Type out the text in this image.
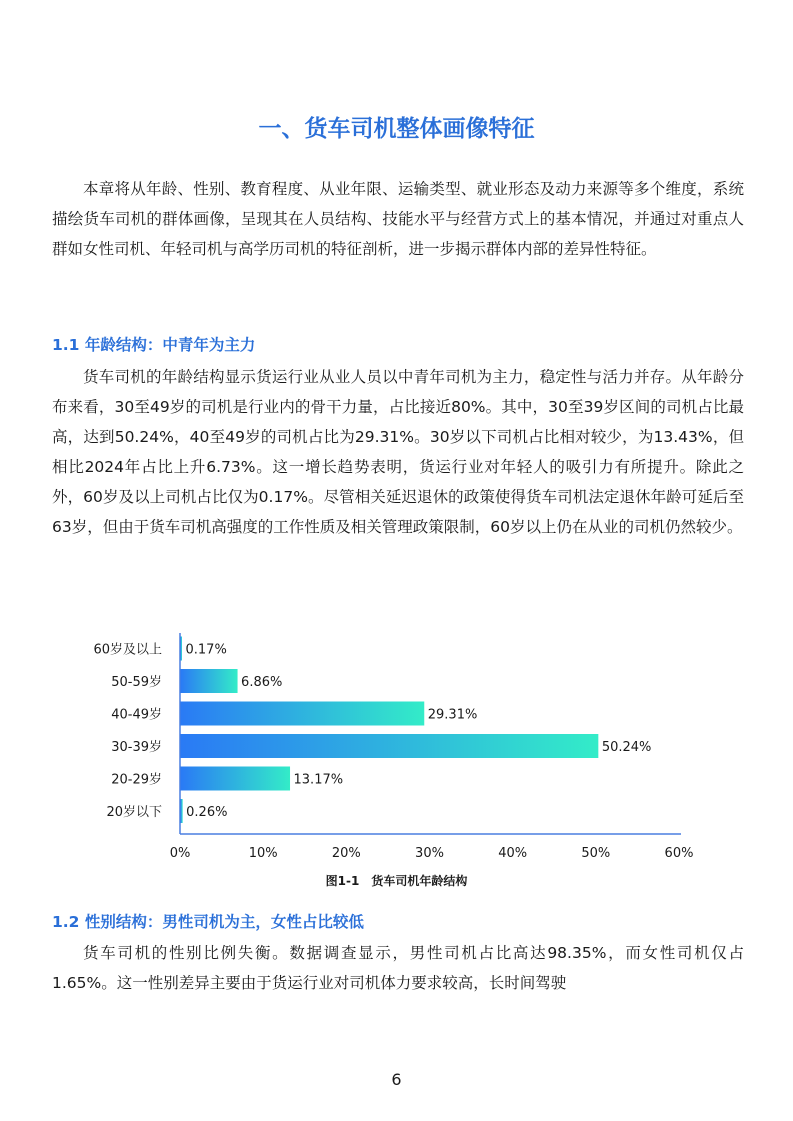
一、货车司机整体画像特征

本章将从年龄、性别、教育程度、从业年限、运输类型、就业形态及动力来源等多个维度，系统描绘货车司机的群体画像，呈现其在人员结构、技能水平与经营方式上的基本情况，并通过对重点人群如女性司机、年轻司机与高学历司机的特征剖析，进一步揭示群体内部的差异性特征。

1.1 年龄结构：中青年为主力

货车司机的年龄结构显示货运行业从业人员以中青年司机为主力，稳定性与活力并存。从年龄分布来看，30至49岁的司机是行业内的骨干力量，占比接近80%。其中，30至39岁区间的司机占比最高，达到50.24%，40至49岁的司机占比为29.31%。30岁以下司机占比相对较少，为13.43%，但相比2024年占比上升6.73%。这一增长趋势表明，货运行业对年轻人的吸引力有所提升。除此之外，60岁及以上司机占比仅为0.17%。尽管相关延迟退休的政策使得货车司机法定退休年龄可延后至63岁，但由于货车司机高强度的工作性质及相关管理政策限制，60岁以上仍在从业的司机仍然较少。

60岁及以上 0.17%
50-59岁	6.86%
40-49岁	29.31%
30-39岁	50.24%
20-29岁	13.17%
20岁以下 0.26%
0%	10%	20%	30%	40%	50%	60%

图1-1　货车司机年龄结构

1.2 性别结构：男性司机为主，女性占比较低

货车司机的性别比例失衡。数据调查显示，男性司机占比高达98.35%，而女性司机仅占1.65%。这一性别差异主要由于货运行业对司机体力要求较高，长时间驾驶

6
